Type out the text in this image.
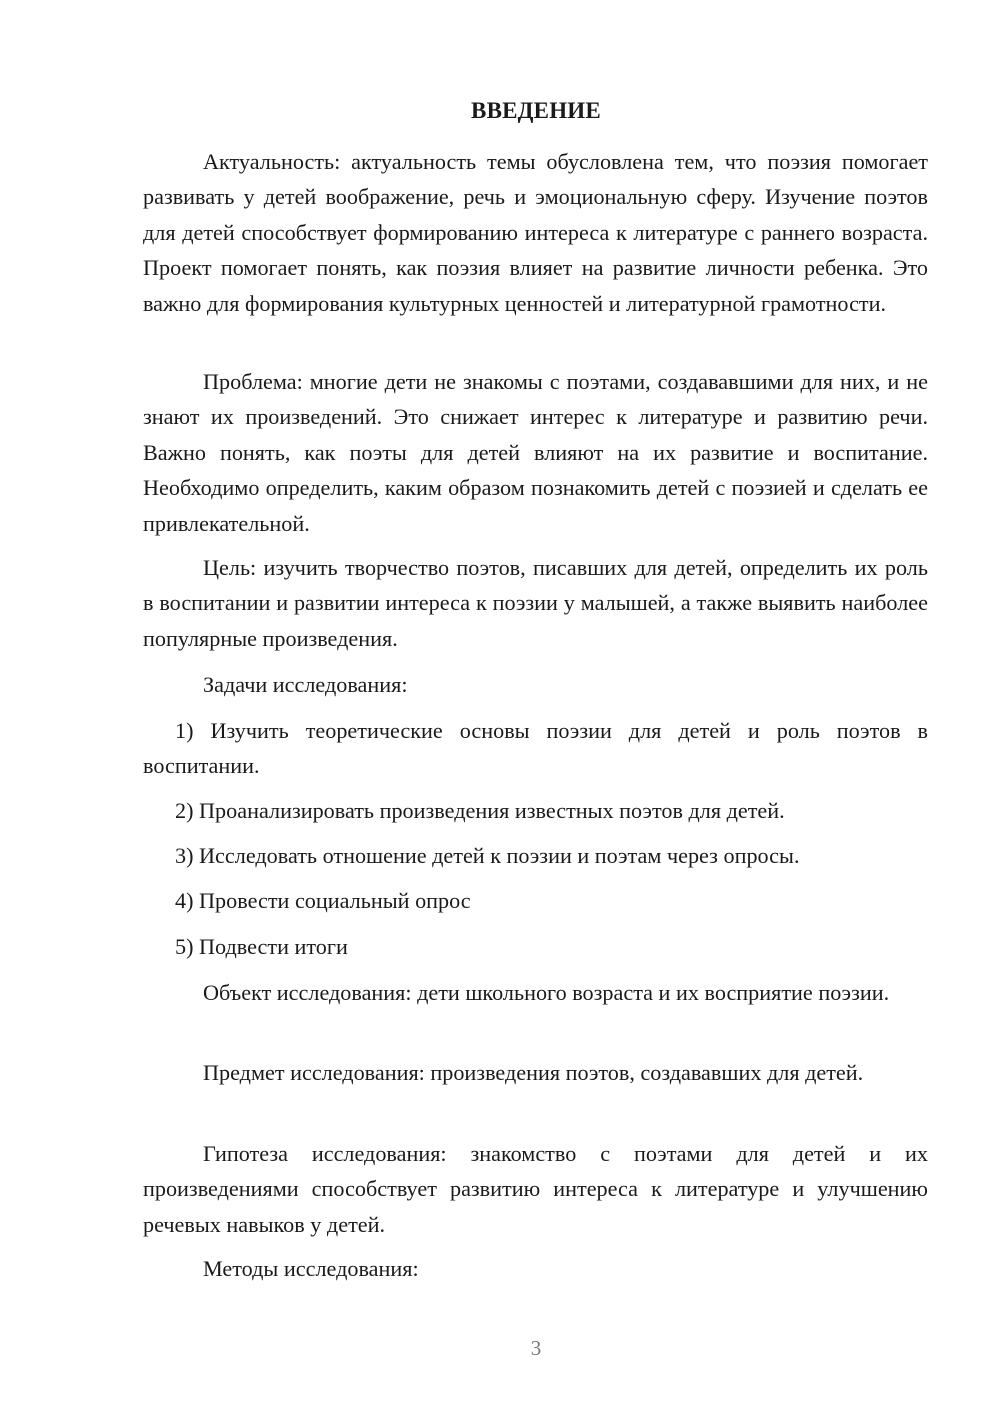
ВВЕДЕНИЕ

Актуальность: актуальность темы обусловлена тем, что поэзия помогает развивать у детей воображение, речь и эмоциональную сферу. Изучение поэтов для детей способствует формированию интереса к литературе с раннего возраста. Проект помогает понять, как поэзия влияет на развитие личности ребенка. Это важно для формирования культурных ценностей и литературной грамотности.

Проблема: многие дети не знакомы с поэтами, создававшими для них, и не знают их произведений. Это снижает интерес к литературе и развитию речи. Важно понять, как поэты для детей влияют на их развитие и воспитание. Необходимо определить, каким образом познакомить детей с поэзией и сделать ее привлекательной.

Цель: изучить творчество поэтов, писавших для детей, определить их роль в воспитании и развитии интереса к поэзии у малышей, а также выявить наиболее популярные произведения.

Задачи исследования:

1) Изучить теоретические основы поэзии для детей и роль поэтов в воспитании.

2) Проанализировать произведения известных поэтов для детей.

3) Исследовать отношение детей к поэзии и поэтам через опросы.

4) Провести социальный опрос

5) Подвести итоги

Объект исследования: дети школьного возраста и их восприятие поэзии.

Предмет исследования: произведения поэтов, создававших для детей.

Гипотеза исследования: знакомство с поэтами для детей и их произведениями способствует развитию интереса к литературе и улучшению речевых навыков у детей.

Методы исследования:

3
